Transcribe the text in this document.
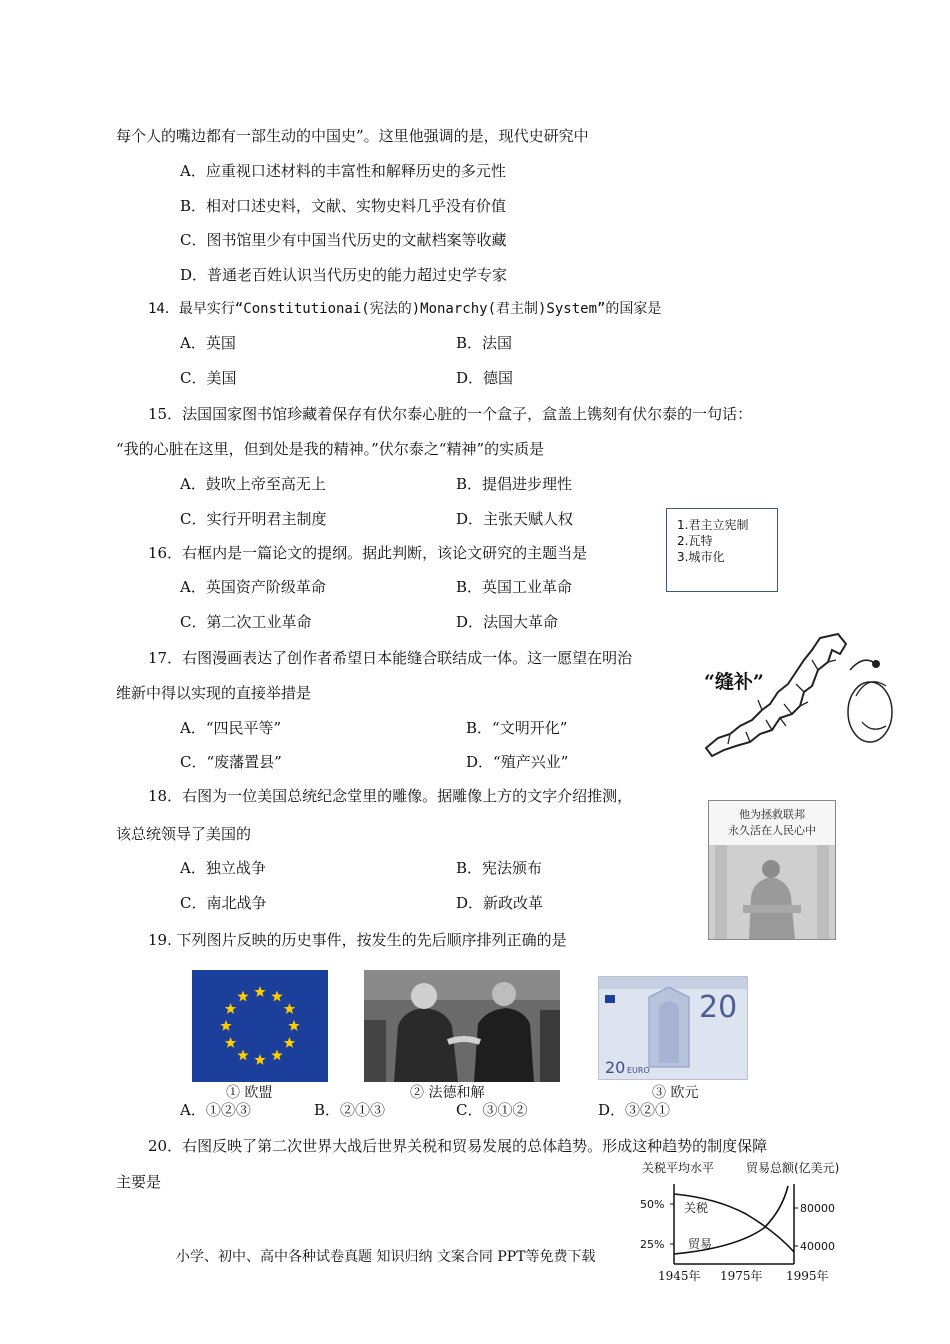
每个人的嘴边都有一部生动的中国史”。这里他强调的是，现代史研究中
A．应重视口述材料的丰富性和解释历史的多元性
B．相对口述史料，文献、实物史料几乎没有价值
C．图书馆里少有中国当代历史的文献档案等收藏
D．普通老百姓认识当代历史的能力超过史学专家
14．最早实行“Constitutionai(宪法的)Monarchy(君主制)System”的国家是
A．英国	B．法国
C．美国	D．德国
15．法国国家图书馆珍藏着保存有伏尔泰心脏的一个盒子，盒盖上镌刻有伏尔泰的一句话：
“我的心脏在这里，但到处是我的精神。”伏尔泰之“精神”的实质是
A．鼓吹上帝至高无上	B．提倡进步理性
C．实行开明君主制度	D．主张天赋人权
16．右框内是一篇论文的提纲。据此判断，该论文研究的主题当是
1.君主立宪制
2.瓦特
3.城市化
A．英国资产阶级革命	B．英国工业革命
C．第二次工业革命	D．法国大革命
17．右图漫画表达了创作者希望日本能缝合联结成一体。这一愿望在明治
维新中得以实现的直接举措是
A．“四民平等”	B．“文明开化”
C．“废藩置县”	D．“殖产兴业”
“缝补”
18．右图为一位美国总统纪念堂里的雕像。据雕像上方的文字介绍推测，
该总统领导了美国的
A．独立战争	B．宪法颁布
C．南北战争	D．新政改革
他为拯救联邦
永久活在人民心中
19. 下列图片反映的历史事件，按发生的先后顺序排列正确的是
20
20 EURO
① 欧盟	② 法德和解	③ 欧元
A．①②③	B．②①③	C．③①②	D．③②①
20．右图反映了第二次世界大战后世界关税和贸易发展的总体趋势。形成这种趋势的制度保障
主要是
关税平均水平	贸易总额(亿美元)
50%
25%
80000
40000
关税
贸易
1945年 1975年 1995年
小学、初中、高中各种试卷真题 知识归纳 文案合同 PPT等免费下载
